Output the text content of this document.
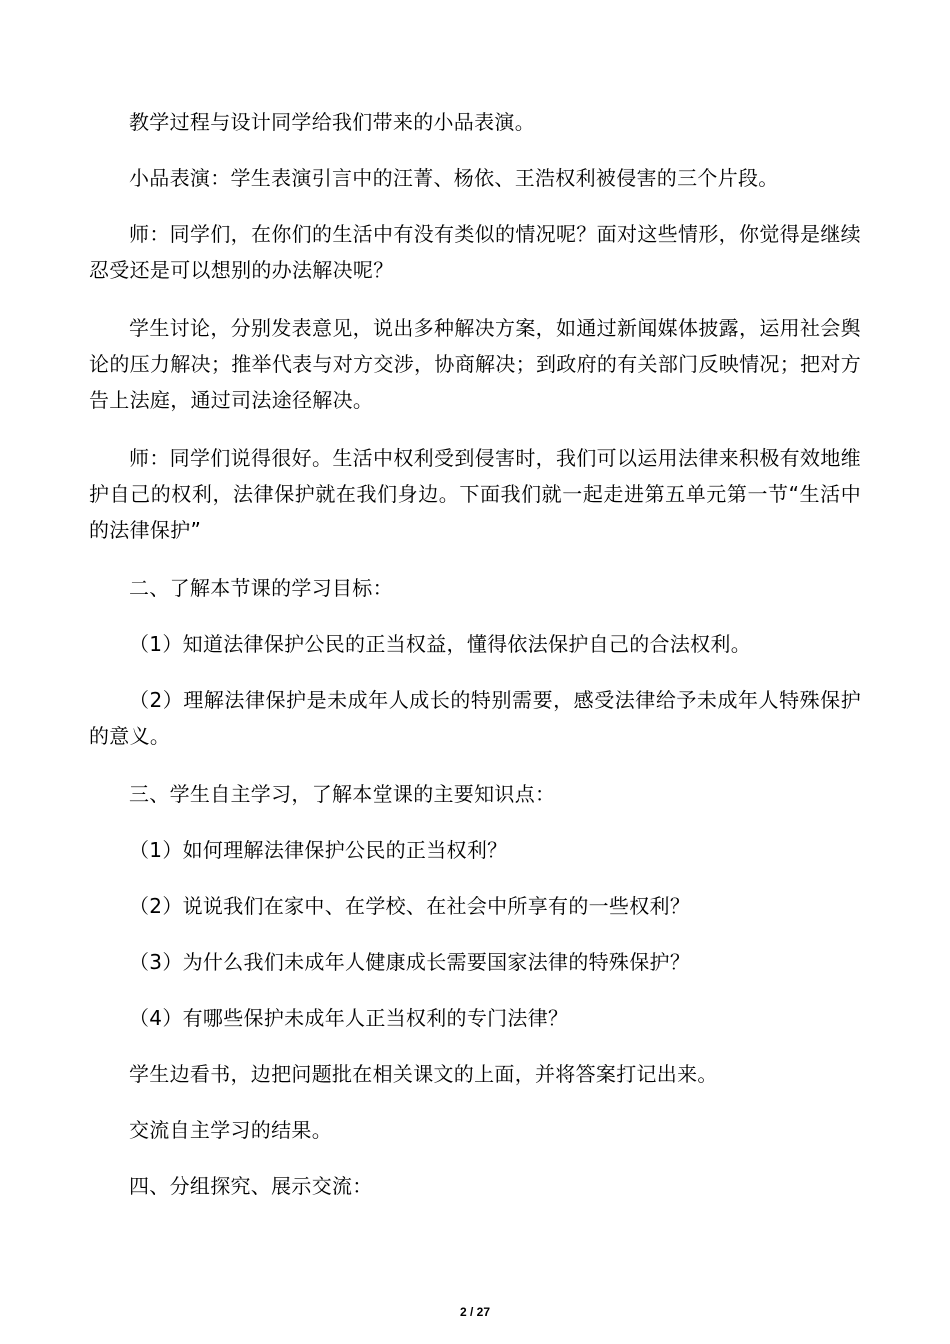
教学过程与设计同学给我们带来的小品表演。

小品表演：学生表演引言中的汪菁、杨依、王浩权利被侵害的三个片段。

师：同学们，在你们的生活中有没有类似的情况呢？面对这些情形，你觉得是继续忍受还是可以想别的办法解决呢？

学生讨论，分别发表意见，说出多种解决方案，如通过新闻媒体披露，运用社会舆论的压力解决；推举代表与对方交涉，协商解决；到政府的有关部门反映情况；把对方告上法庭，通过司法途径解决。

师：同学们说得很好。生活中权利受到侵害时，我们可以运用法律来积极有效地维护自己的权利，法律保护就在我们身边。下面我们就一起走进第五单元第一节“生活中的法律保护”

二、了解本节课的学习目标：

（1）知道法律保护公民的正当权益，懂得依法保护自己的合法权利。

（2）理解法律保护是未成年人成长的特别需要，感受法律给予未成年人特殊保护的意义。

三、学生自主学习，了解本堂课的主要知识点：

（1）如何理解法律保护公民的正当权利？

（2）说说我们在家中、在学校、在社会中所享有的一些权利？

（3）为什么我们未成年人健康成长需要国家法律的特殊保护？

（4）有哪些保护未成年人正当权利的专门法律？

学生边看书，边把问题批在相关课文的上面，并将答案打记出来。

交流自主学习的结果。

四、分组探究、展示交流：

2 / 27
